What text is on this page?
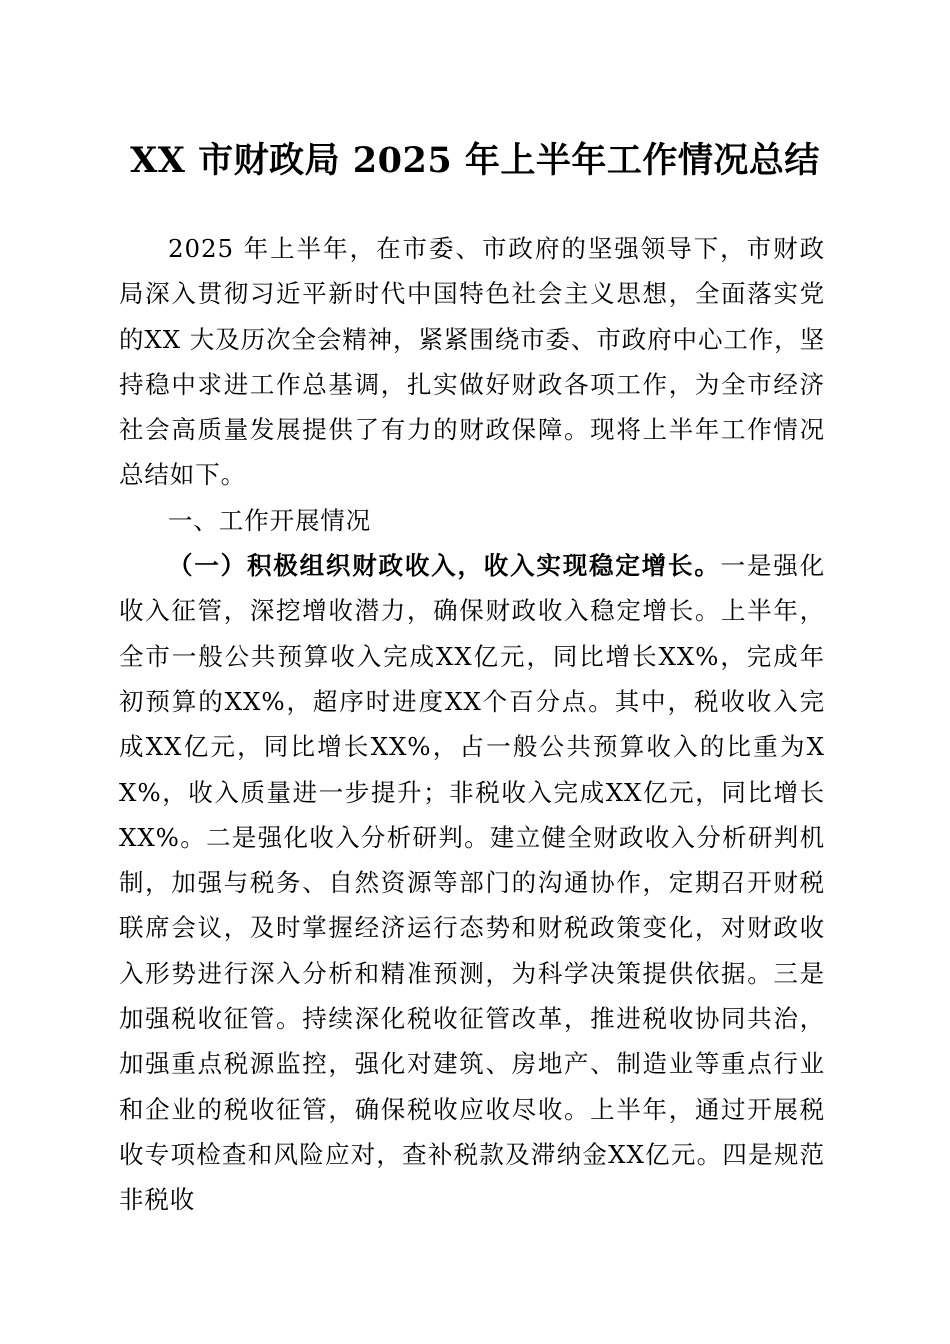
XX 市财政局 2025 年上半年工作情况总结

2025 年上半年，在市委、市政府的坚强领导下，市财政局深入贯彻习近平新时代中国特色社会主义思想，全面落实党的XX 大及历次全会精神，紧紧围绕市委、市政府中心工作，坚持稳中求进工作总基调，扎实做好财政各项工作，为全市经济社会高质量发展提供了有力的财政保障。现将上半年工作情况总结如下。

一、工作开展情况

（一）积极组织财政收入，收入实现稳定增长。一是强化收入征管，深挖增收潜力，确保财政收入稳定增长。上半年，全市一般公共预算收入完成XX亿元，同比增长XX%，完成年初预算的XX%，超序时进度XX个百分点。其中，税收收入完成XX亿元，同比增长XX%，占一般公共预算收入的比重为XX%，收入质量进一步提升；非税收入完成XX亿元，同比增长XX%。二是强化收入分析研判。建立健全财政收入分析研判机制，加强与税务、自然资源等部门的沟通协作，定期召开财税联席会议，及时掌握经济运行态势和财税政策变化，对财政收入形势进行深入分析和精准预测，为科学决策提供依据。三是加强税收征管。持续深化税收征管改革，推进税收协同共治，加强重点税源监控，强化对建筑、房地产、制造业等重点行业和企业的税收征管，确保税收应收尽收。上半年，通过开展税收专项检查和风险应对，查补税款及滞纳金XX亿元。四是规范非税收
